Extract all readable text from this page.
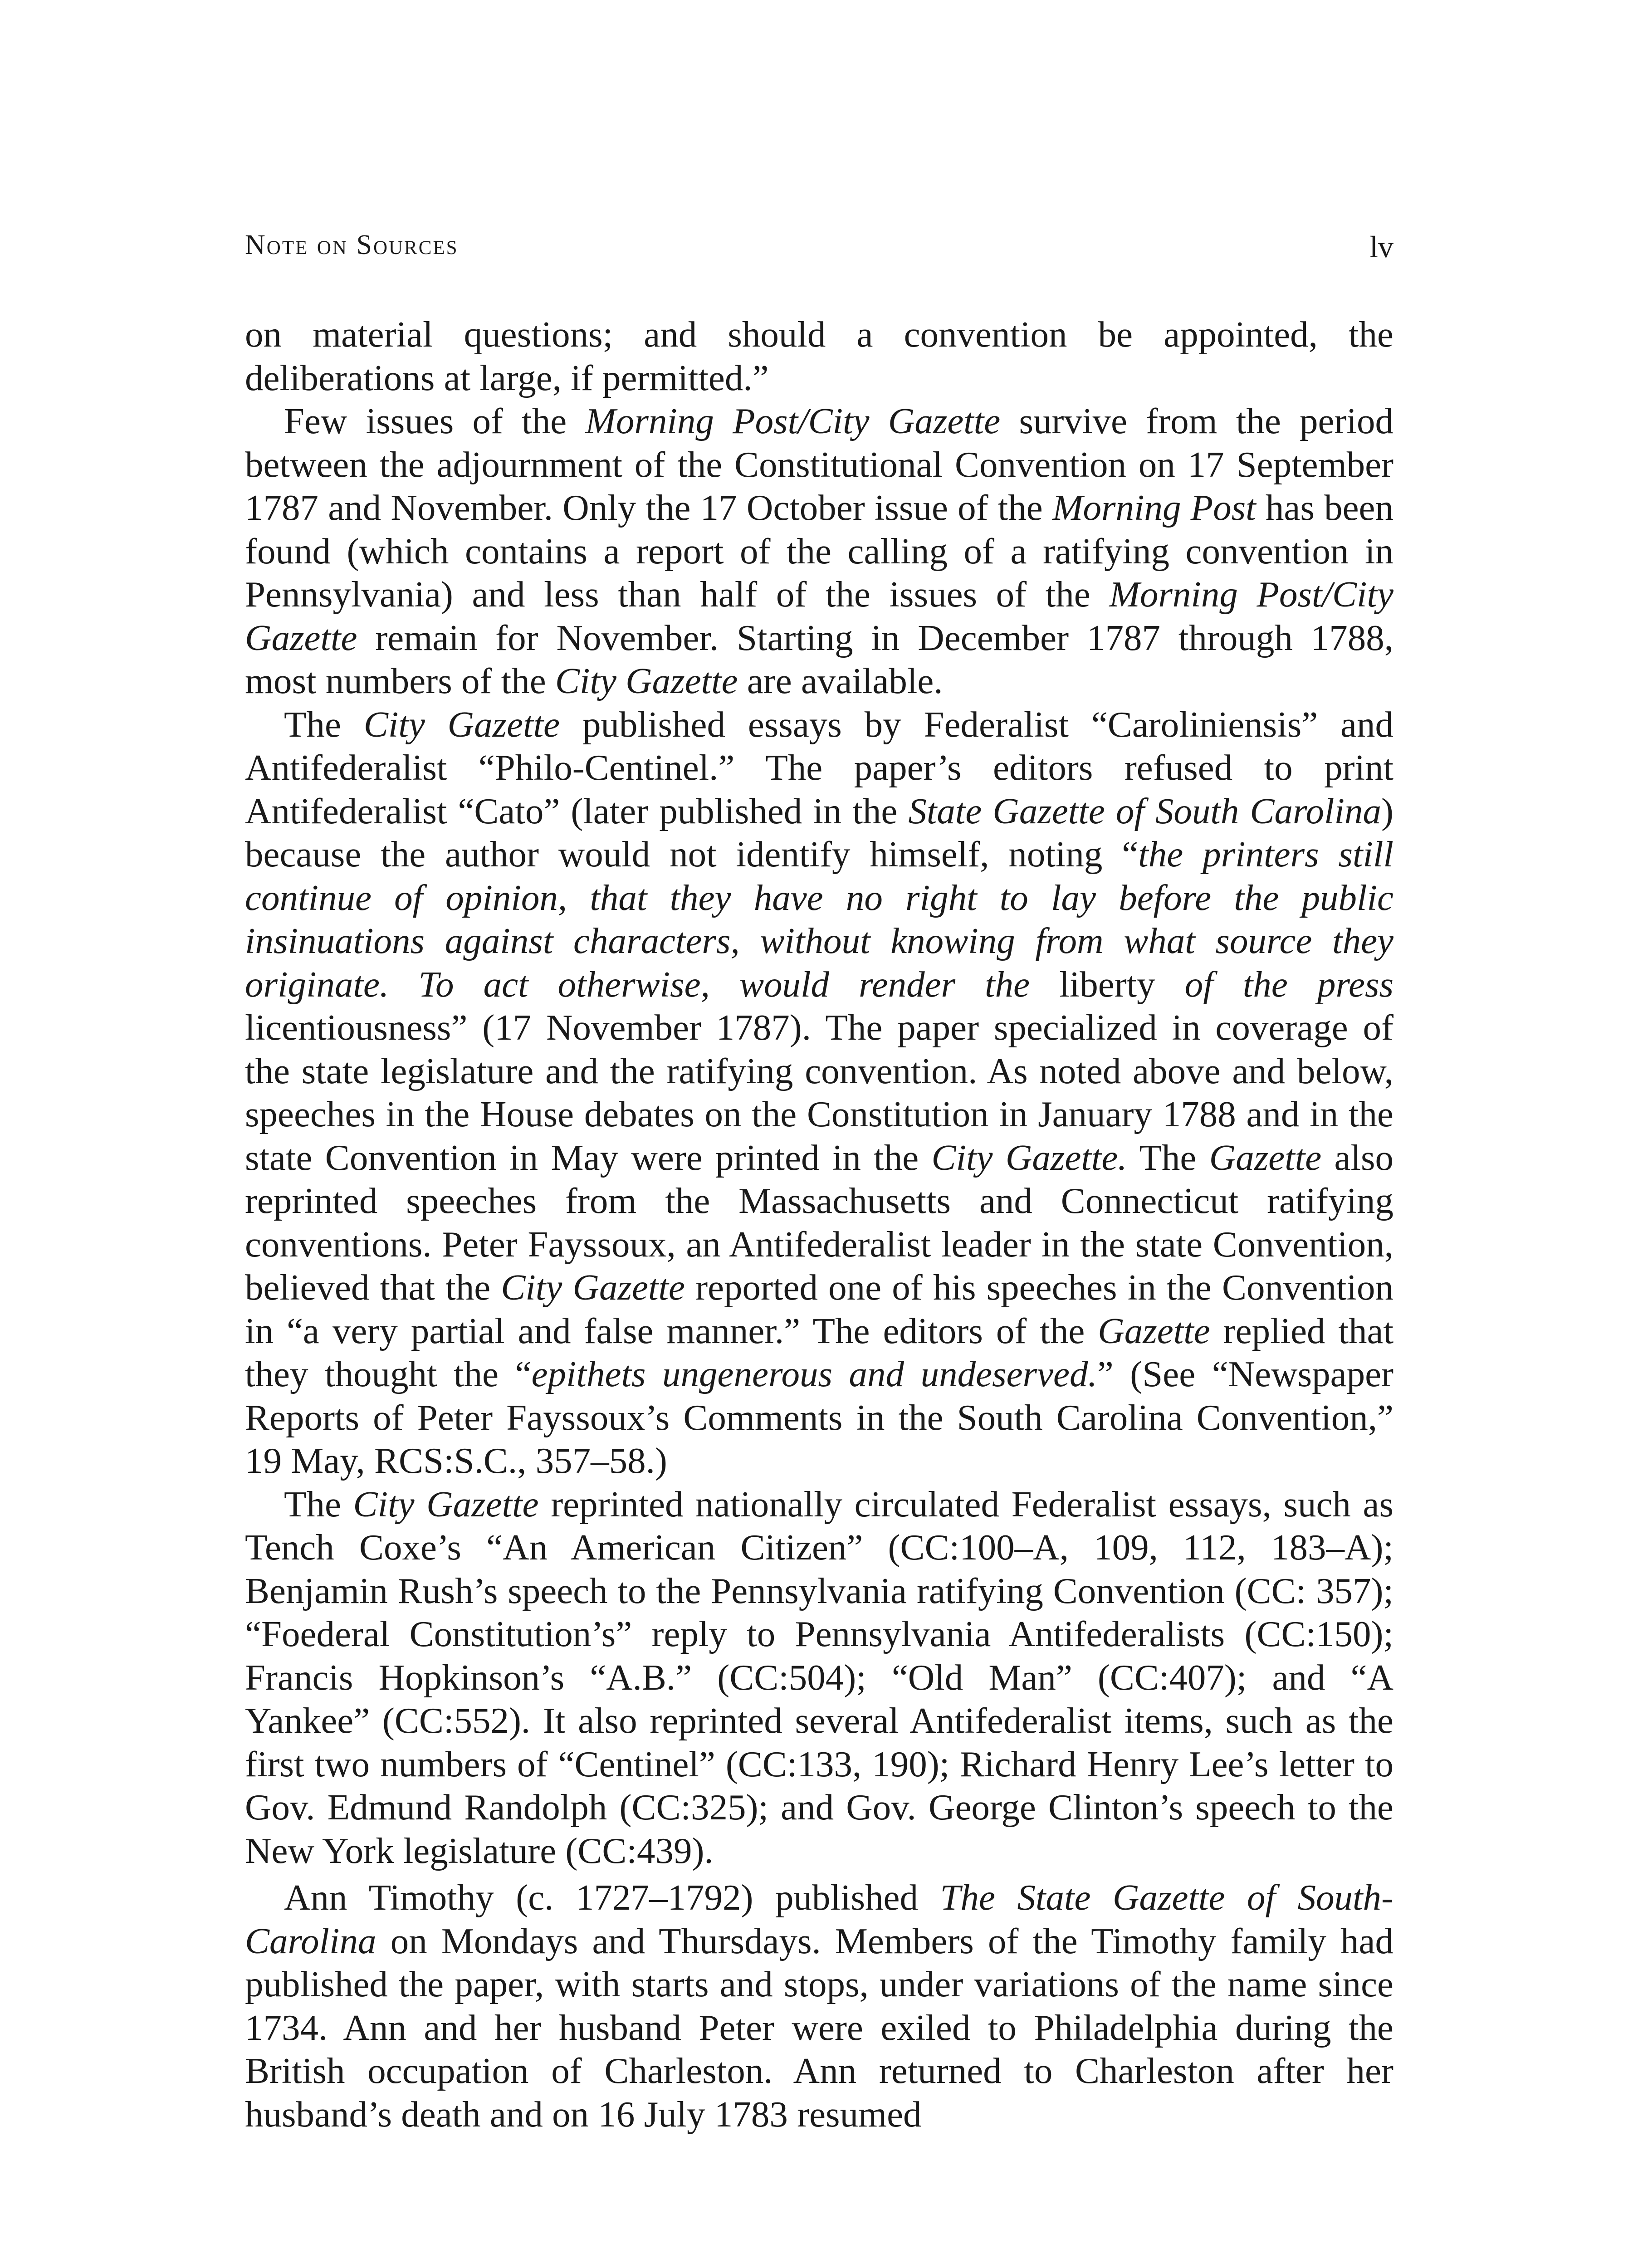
Note on Sources	lv

on material questions; and should a convention be appointed, the deliberations at large, if permitted.”

Few issues of the Morning Post/City Gazette survive from the period between the adjournment of the Constitutional Convention on 17 September 1787 and November. Only the 17 October issue of the Morning Post has been found (which contains a report of the calling of a ratifying convention in Pennsylvania) and less than half of the issues of the Morning Post/City Gazette remain for November. Starting in December 1787 through 1788, most numbers of the City Gazette are available.

The City Gazette published essays by Federalist “Caroliniensis” and Antifederalist “Philo-Centinel.” The paper’s editors refused to print Antifederalist “Cato” (later published in the State Gazette of South Carolina) because the author would not identify himself, noting “the printers still continue of opinion, that they have no right to lay before the public insinuations against characters, without knowing from what source they originate. To act otherwise, would render the liberty of the press licentiousness” (17 November 1787). The paper specialized in coverage of the state legislature and the ratifying convention. As noted above and below, speeches in the House debates on the Constitution in January 1788 and in the state Convention in May were printed in the City Gazette. The Gazette also reprinted speeches from the Massachusetts and Connecticut ratifying conventions. Peter Fayssoux, an Antifederalist leader in the state Convention, believed that the City Gazette reported one of his speeches in the Convention in “a very partial and false manner.” The editors of the Gazette replied that they thought the “epithets ungenerous and undeserved.” (See “Newspaper Reports of Peter Fayssoux’s Comments in the South Carolina Convention,” 19 May, RCS:S.C., 357–58.)

The City Gazette reprinted nationally circulated Federalist essays, such as Tench Coxe’s “An American Citizen” (CC:100–A, 109, 112, 183–A); Benjamin Rush’s speech to the Pennsylvania ratifying Convention (CC: 357); “Foederal Constitution’s” reply to Pennsylvania Antifederalists (CC:150); Francis Hopkinson’s “A.B.” (CC:504); “Old Man” (CC:407); and “A Yankee” (CC:552). It also reprinted several Antifederalist items, such as the first two numbers of “Centinel” (CC:133, 190); Richard Henry Lee’s letter to Gov. Edmund Randolph (CC:325); and Gov. George Clinton’s speech to the New York legislature (CC:439).

Ann Timothy (c. 1727–1792) published The State Gazette of South-Carolina on Mondays and Thursdays. Members of the Timothy family had published the paper, with starts and stops, under variations of the name since 1734. Ann and her husband Peter were exiled to Philadelphia during the British occupation of Charleston. Ann returned to Charleston after her husband’s death and on 16 July 1783 resumed
